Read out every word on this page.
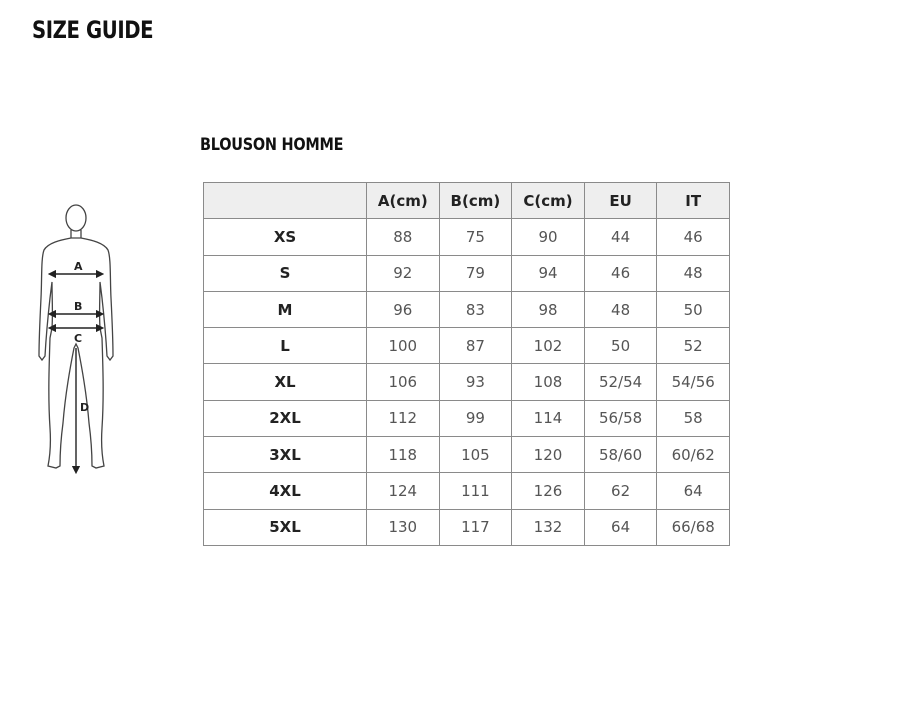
SIZE GUIDE
BLOUSON HOMME
A
B
C
D
	A(cm)	B(cm)	C(cm)	EU	IT
XS	88	75	90	44	46
S	92	79	94	46	48
M	96	83	98	48	50
L	100	87	102	50	52
XL	106	93	108	52/54	54/56
2XL	112	99	114	56/58	58
3XL	118	105	120	58/60	60/62
4XL	124	111	126	62	64
5XL	130	117	132	64	66/68
